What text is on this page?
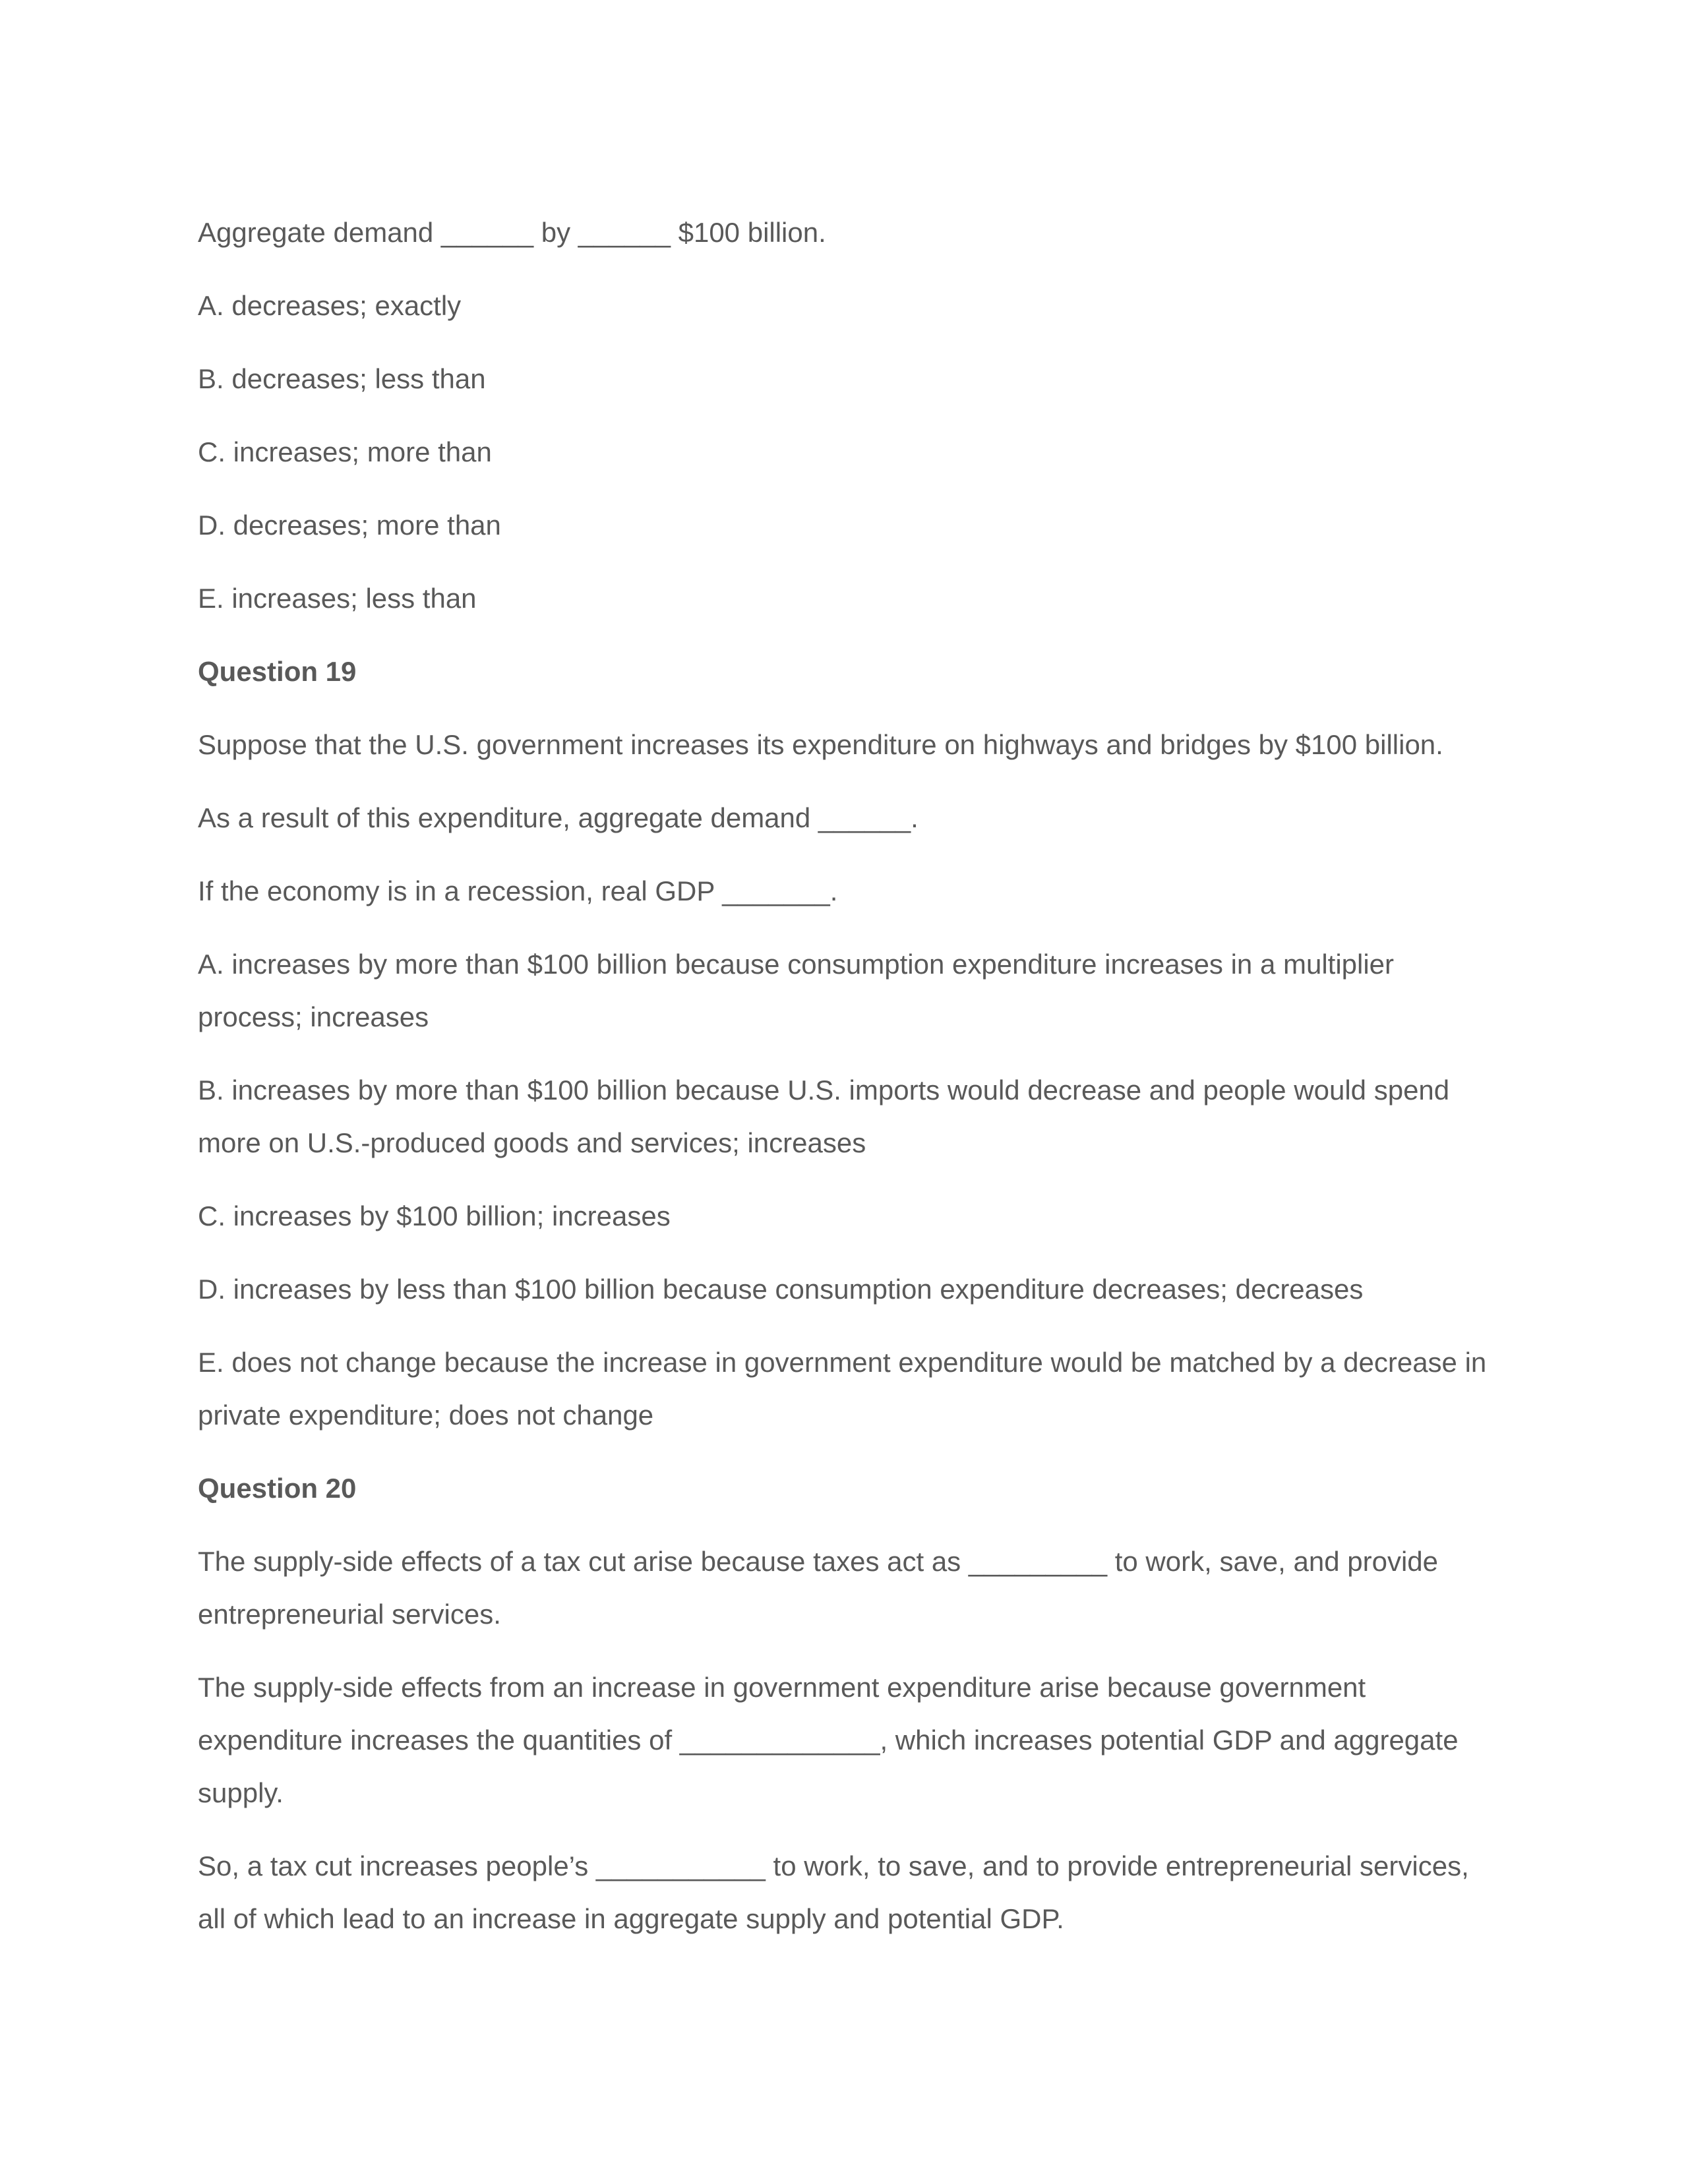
Aggregate demand ______ by ______ $100 billion.

A. decreases; exactly

B. decreases; less than

C. increases; more than

D. decreases; more than

E. increases; less than

Question 19

Suppose that the U.S. government increases its expenditure on highways and bridges by $100 billion.

As a result of this expenditure, aggregate demand ______.

If the economy is in a recession, real GDP _______.

A. increases by more than $100 billion because consumption expenditure increases in a multiplier

process; increases

B. increases by more than $100 billion because U.S. imports would decrease and people would spend

more on U.S.-produced goods and services; increases

C. increases by $100 billion; increases

D. increases by less than $100 billion because consumption expenditure decreases; decreases

E. does not change because the increase in government expenditure would be matched by a decrease in

private expenditure; does not change

Question 20

The supply-side effects of a tax cut arise because taxes act as _________ to work, save, and provide

entrepreneurial services.

The supply-side effects from an increase in government expenditure arise because government

expenditure increases the quantities of _____________, which increases potential GDP and aggregate

supply.

So, a tax cut increases people’s ___________ to work, to save, and to provide entrepreneurial services,

all of which lead to an increase in aggregate supply and potential GDP.
